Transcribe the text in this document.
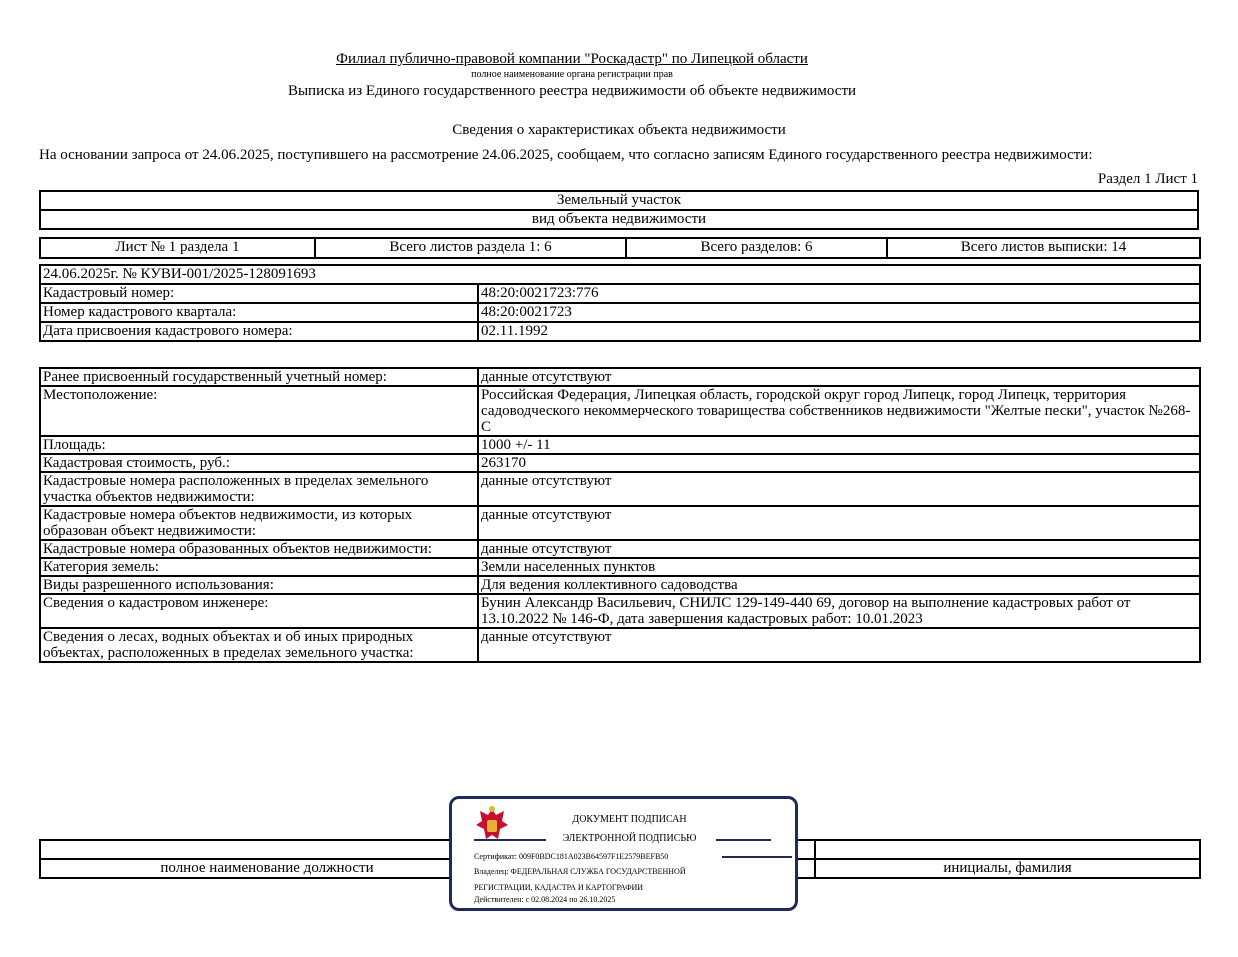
Филиал публично-правовой компании "Роскадастр" по Липецкой области
полное наименование органа регистрации прав
Выписка из Единого государственного реестра недвижимости об объекте недвижимости
Сведения о характеристиках объекта недвижимости
На основании запроса от 24.06.2025, поступившего на рассмотрение 24.06.2025, сообщаем, что согласно записям Единого государственного реестра недвижимости:
Раздел 1 Лист 1
Земельный участок
вид объекта недвижимости
Лист № 1 раздела 1	Всего листов раздела 1: 6	Всего разделов: 6	Всего листов выписки: 14
24.06.2025г. № КУВИ-001/2025-128091693	
Кадастровый номер:	48:20:0021723:776
Номер кадастрового квартала:	48:20:0021723
Дата присвоения кадастрового номера:	02.11.1992
Ранее присвоенный государственный учетный номер:	данные отсутствуют
Местоположение:	Российская Федерация, Липецкая область, городской округ город Липецк, город Липецк, территория садоводческого некоммерческого товарищества собственников недвижимости "Желтые пески", участок №268-С
Площадь:	1000 +/- 11
Кадастровая стоимость, руб.:	263170
Кадастровые номера расположенных в пределах земельного участка объектов недвижимости:	данные отсутствуют
Кадастровые номера объектов недвижимости, из которых образован объект недвижимости:	данные отсутствуют
Кадастровые номера образованных объектов недвижимости:	данные отсутствуют
Категория земель:	Земли населенных пунктов
Виды разрешенного использования:	Для ведения коллективного садоводства
Сведения о кадастровом инженере:	Бунин Александр Васильевич, СНИЛС 129-149-440 69, договор на выполнение кадастровых работ от 13.10.2022 № 146-Ф, дата завершения кадастровых работ: 10.01.2023
Сведения о лесах, водных объектах и об иных природных объектах, расположенных в пределах земельного участка:	данные отсутствуют

полное наименование должности		инициалы, фамилия
ДОКУМЕНТ ПОДПИСАН
ЭЛЕКТРОННОЙ ПОДПИСЬЮ
Сертификат: 009F0BDC181A023B64597F1E2579BEFB50
Владелец: ФЕДЕРАЛЬНАЯ СЛУЖБА ГОСУДАРСТВЕННОЙ
РЕГИСТРАЦИИ, КАДАСТРА И КАРТОГРАФИИ
Действителен: с 02.08.2024 по 26.10.2025
